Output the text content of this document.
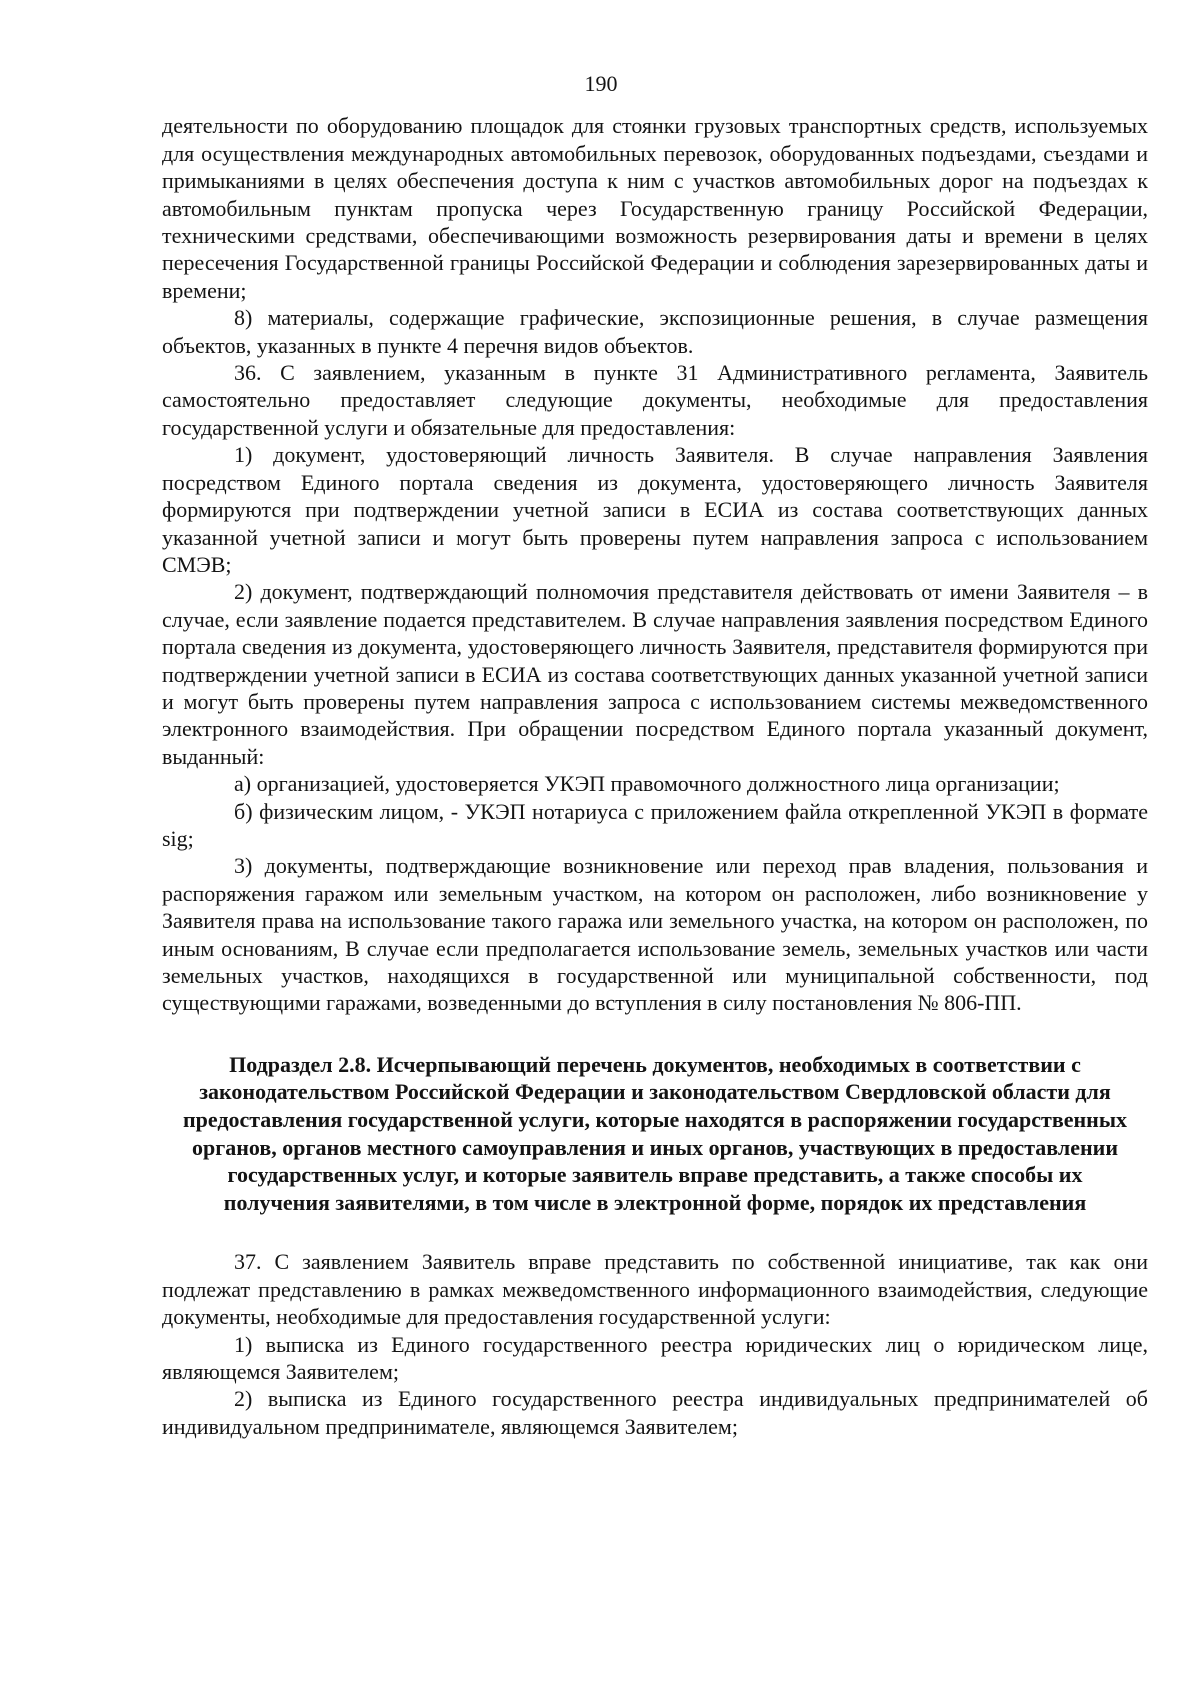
190

деятельности по оборудованию площадок для стоянки грузовых транспортных средств, используемых для осуществления международных автомобильных перевозок, оборудованных подъездами, съездами и примыканиями в целях обеспечения доступа к ним с участков автомобильных дорог на подъездах к автомобильным пунктам пропуска через Государственную границу Российской Федерации, техническими средствами, обеспечивающими возможность резервирования даты и времени в целях пересечения Государственной границы Российской Федерации и соблюдения зарезервированных даты и времени;

8) материалы, содержащие графические, экспозиционные решения, в случае размещения объектов, указанных в пункте 4 перечня видов объектов.

36. С заявлением, указанным в пункте 31 Административного регламента, Заявитель самостоятельно предоставляет следующие документы, необходимые для предоставления государственной услуги и обязательные для предоставления:

1) документ, удостоверяющий личность Заявителя. В случае направления Заявления посредством Единого портала сведения из документа, удостоверяющего личность Заявителя формируются при подтверждении учетной записи в ЕСИА из состава соответствующих данных указанной учетной записи и могут быть проверены путем направления запроса с использованием СМЭВ;

2) документ, подтверждающий полномочия представителя действовать от имени Заявителя – в случае, если заявление подается представителем. В случае направления заявления посредством Единого портала сведения из документа, удостоверяющего личность Заявителя, представителя формируются при подтверждении учетной записи в ЕСИА из состава соответствующих данных указанной учетной записи и могут быть проверены путем направления запроса с использованием системы межведомственного электронного взаимодействия. При обращении посредством Единого портала указанный документ, выданный:

а) организацией, удостоверяется УКЭП правомочного должностного лица организации;

б) физическим лицом, - УКЭП нотариуса с приложением файла открепленной УКЭП в формате sig;

3) документы, подтверждающие возникновение или переход прав владения, пользования и распоряжения гаражом или земельным участком, на котором он расположен, либо возникновение у Заявителя права на использование такого гаража или земельного участка, на котором он расположен, по иным основаниям, В случае если предполагается использование земель, земельных участков или части земельных участков, находящихся в государственной или муниципальной собственности, под существующими гаражами, возведенными до вступления в силу постановления № 806-ПП.

Подраздел 2.8. Исчерпывающий перечень документов, необходимых в соответствии с законодательством Российской Федерации и законодательством Свердловской области для предоставления государственной услуги, которые находятся в распоряжении государственных органов, органов местного самоуправления и иных органов, участвующих в предоставлении государственных услуг, и которые заявитель вправе представить, а также способы их получения заявителями, в том числе в электронной форме, порядок их представления

37. С заявлением Заявитель вправе представить по собственной инициативе, так как они подлежат представлению в рамках межведомственного информационного взаимодействия, следующие документы, необходимые для предоставления государственной услуги:

1) выписка из Единого государственного реестра юридических лиц о юридическом лице, являющемся Заявителем;

2) выписка из Единого государственного реестра индивидуальных предпринимателей об индивидуальном предпринимателе, являющемся Заявителем;
